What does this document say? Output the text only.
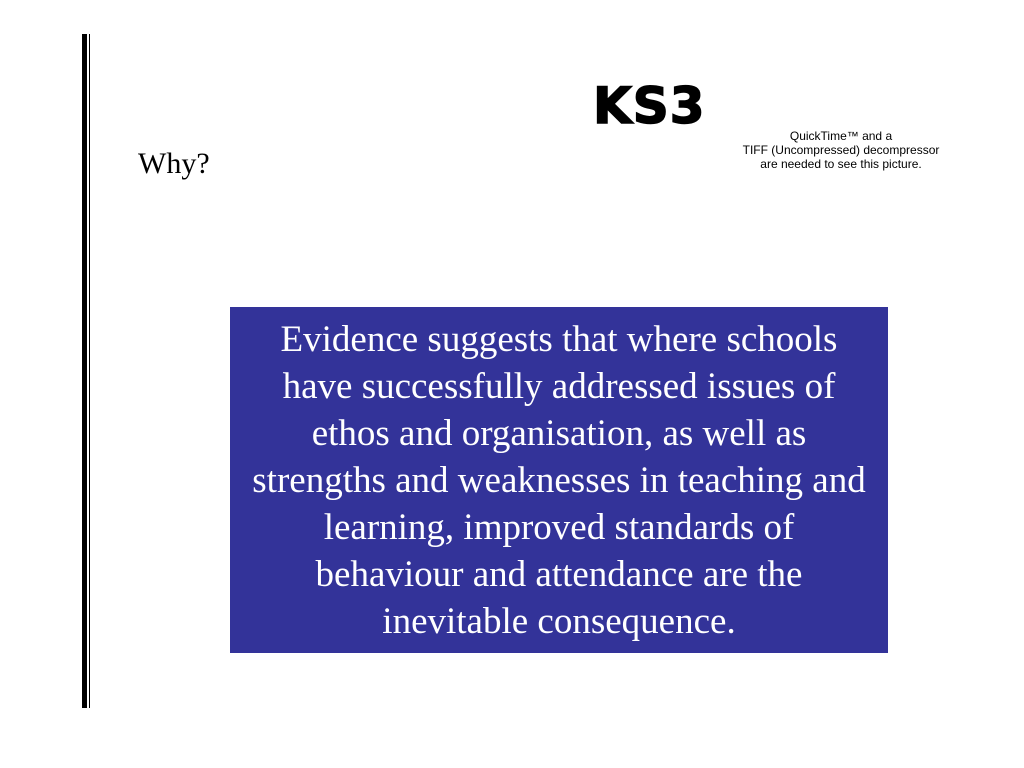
KS3

Why?

QuickTime™ and a
TIFF (Uncompressed) decompressor
are needed to see this picture.

Evidence suggests that where schools have successfully addressed issues of ethos and organisation, as well as strengths and weaknesses in teaching and learning, improved standards of behaviour and attendance are the inevitable consequence.
